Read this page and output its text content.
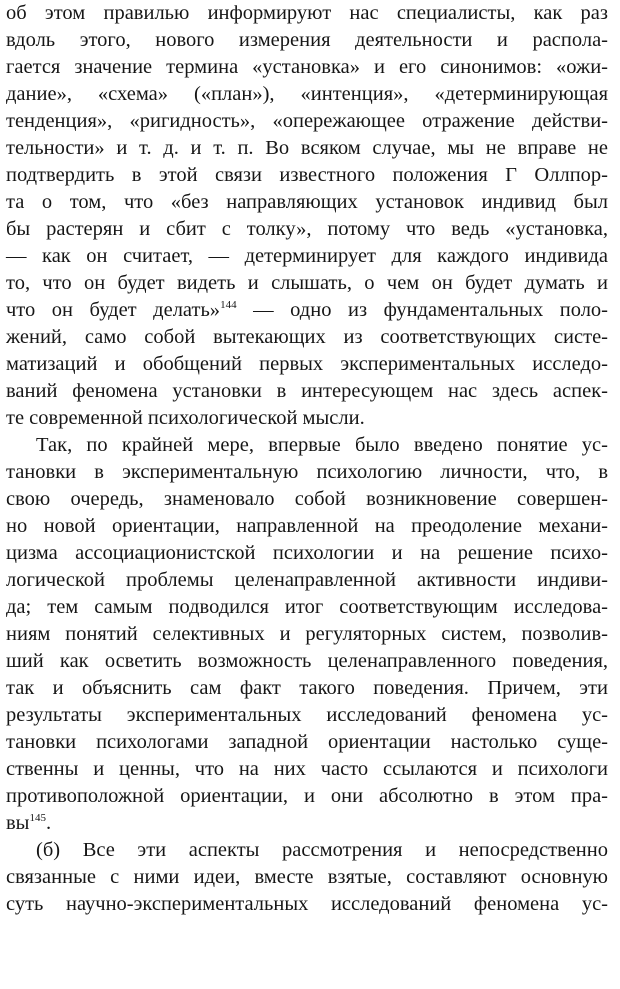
об этом правилью информируют нас специалисты, как раз
вдоль этого, нового измерения деятельности и распола-
гается значение термина «установка» и его синонимов: «ожи-
дание», «схема» («план»), «интенция», «детерминирующая
тенденция», «ригидность», «опережающее отражение действи-
тельности» и т. д. и т. п. Во всяком случае, мы не вправе не
подтвердить в этой связи известного положения Г Оллпор-
та о том, что «без направляющих установок индивид был
бы растерян и сбит с толку», потому что ведь «установка,
— как он считает, — детерминирует для каждого индивида
то, что он будет видеть и слышать, о чем он будет думать и
что он будет делать»$^{144}$ — одно из фундаментальных поло-
жений, само собой вытекающих из соответствующих систе-
матизаций и обобщений первых экспериментальных исследо-
ваний феномена установки в интересующем нас здесь аспек-
те современной психологической мысли.
Так, по крайней мере, впервые было введено понятие ус-
тановки в экспериментальную психологию личности, что, в
свою очередь, знаменовало собой возникновение совершен-
но новой ориентации, направленной на преодоление механи-
цизма ассоциационистской психологии и на решение психо-
логической проблемы целенаправленной активности индиви-
да; тем самым подводился итог соответствующим исследова-
ниям понятий селективных и регуляторных систем, позволив-
ший как осветить возможность целенаправленного поведения,
так и объяснить сам факт такого поведения. Причем, эти
результаты экспериментальных исследований феномена ус-
тановки психологами западной ориентации настолько суще-
ственны и ценны, что на них часто ссылаются и психологи
противоположной ориентации, и они абсолютно в этом пра-
$вы^{145}$.
(б) Все эти аспекты рассмотрения и непосредственно
связанные с ними идеи, вместе взятые, составляют основную
суть научно-экспериментальных исследований феномена ус-
